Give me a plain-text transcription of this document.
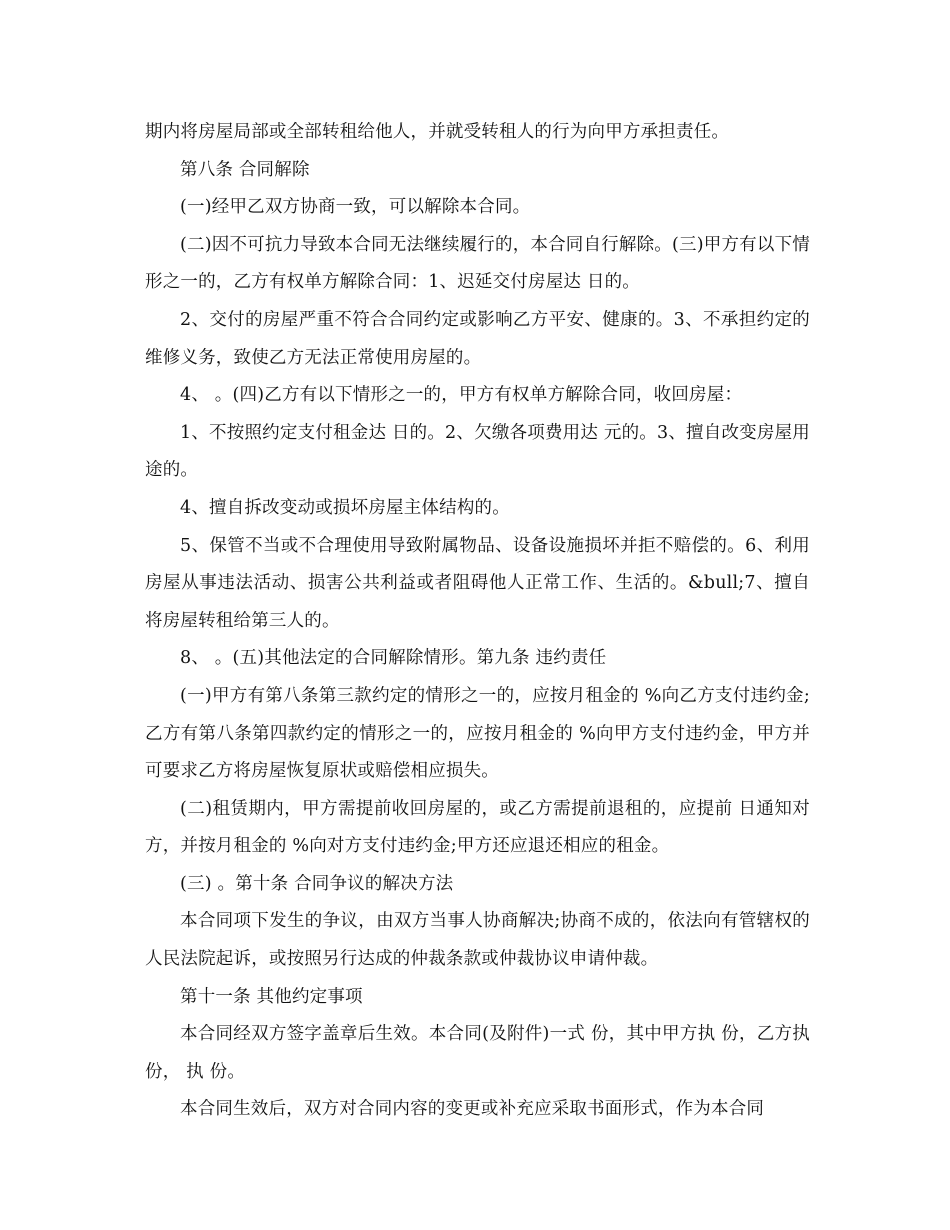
期内将房屋局部或全部转租给他人，并就受转租人的行为向甲方承担责任。

第八条 合同解除

(一)经甲乙双方协商一致，可以解除本合同。

(二)因不可抗力导致本合同无法继续履行的，本合同自行解除。(三)甲方有以下情形之一的，乙方有权单方解除合同：1、迟延交付房屋达 日的。

2、交付的房屋严重不符合合同约定或影响乙方平安、健康的。3、不承担约定的维修义务，致使乙方无法正常使用房屋的。

4、 。(四)乙方有以下情形之一的，甲方有权单方解除合同，收回房屋：

1、不按照约定支付租金达 日的。2、欠缴各项费用达 元的。3、擅自改变房屋用途的。

4、擅自拆改变动或损坏房屋主体结构的。

5、保管不当或不合理使用导致附属物品、设备设施损坏并拒不赔偿的。6、利用房屋从事违法活动、损害公共利益或者阻碍他人正常工作、生活的。&bull;7、擅自将房屋转租给第三人的。

8、 。(五)其他法定的合同解除情形。第九条 违约责任

(一)甲方有第八条第三款约定的情形之一的，应按月租金的 %向乙方支付违约金;乙方有第八条第四款约定的情形之一的，应按月租金的 %向甲方支付违约金，甲方并可要求乙方将房屋恢复原状或赔偿相应损失。

(二)租赁期内，甲方需提前收回房屋的，或乙方需提前退租的，应提前 日通知对方，并按月租金的 %向对方支付违约金;甲方还应退还相应的租金。

(三) 。第十条 合同争议的解决方法

本合同项下发生的争议，由双方当事人协商解决;协商不成的，依法向有管辖权的人民法院起诉，或按照另行达成的仲裁条款或仲裁协议申请仲裁。

第十一条 其他约定事项

本合同经双方签字盖章后生效。本合同(及附件)一式 份，其中甲方执 份，乙方执 份， 执 份。

本合同生效后，双方对合同内容的变更或补充应采取书面形式，作为本合同
